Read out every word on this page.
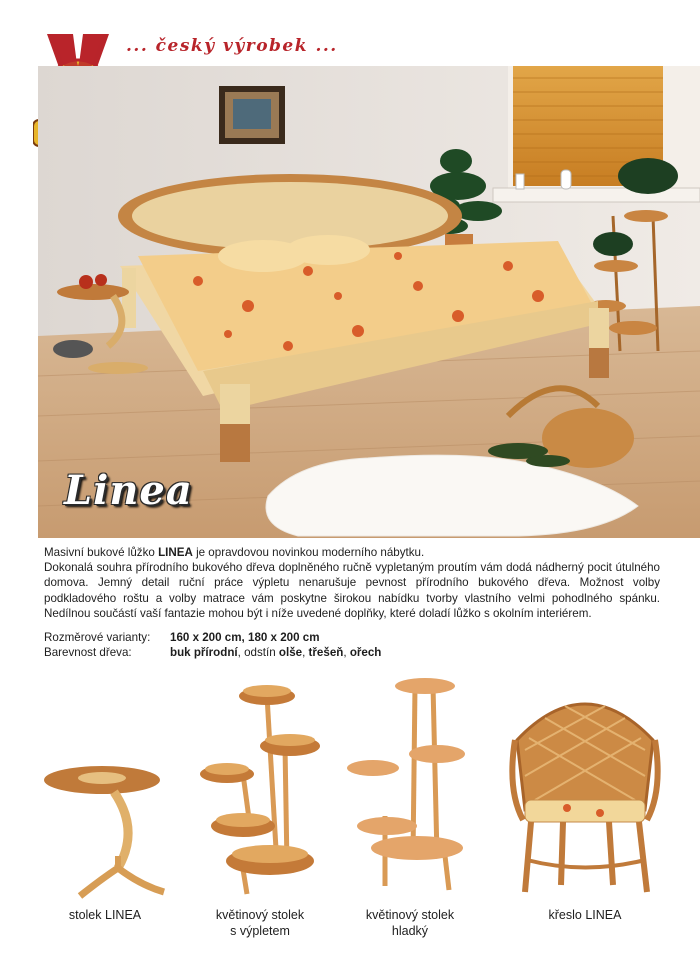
... český výrobek ...
Linea

Masivní bukové lůžko LINEA je opravdovou novinkou moderního nábytku.

Dokonalá souhra přírodního bukového dřeva doplněného ručně vypletaným proutím vám dodá nádherný pocit útulného domova. Jemný detail ruční práce výpletu nenarušuje pevnost přírodního bukového dřeva. Možnost volby podkladového roštu a volby matrace vám poskytne širokou nabídku tvorby vlastního velmi pohodlného spánku. Nedílnou součástí vaší fantazie mohou být i níže uvedené doplňky, které doladí lůžko s okolním interiérem.

Rozměrové varianty:	160 x 200 cm, 180 x 200 cm
Barevnost dřeva:	buk přírodní, odstín olše, třešeň, ořech
stolek LINEA	květinový stolek
s výpletem
květinový stolek
hladký
křeslo LINEA
